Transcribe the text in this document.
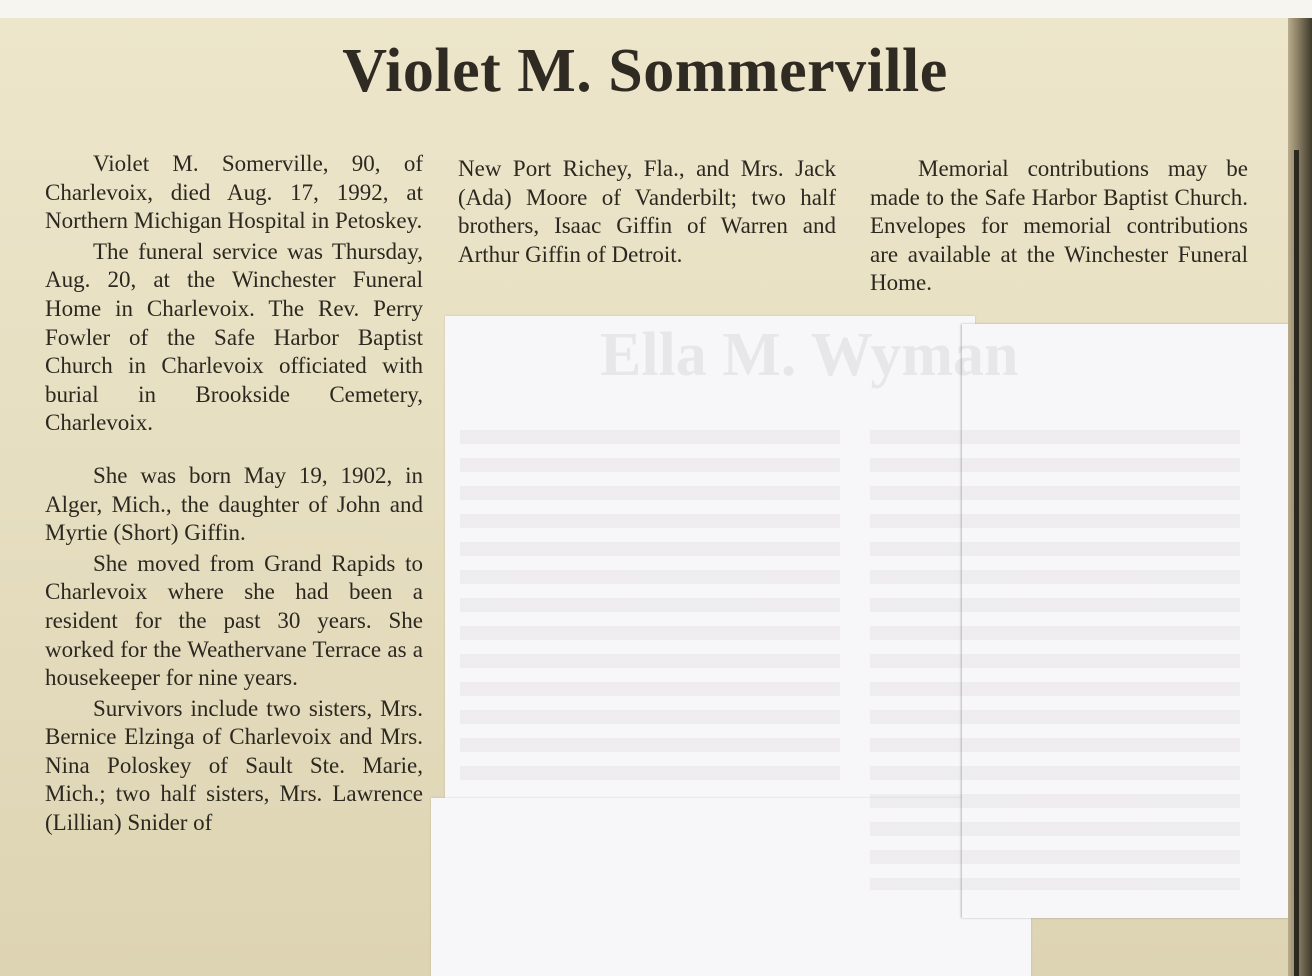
Violet M. Sommerville

Violet M. Somerville, 90, of Charlevoix, died Aug. 17, 1992, at Northern Michigan Hospital in Petoskey.

The funeral service was Thursday, Aug. 20, at the Winchester Funeral Home in Charlevoix. The Rev. Perry Fowler of the Safe Harbor Baptist Church in Charlevoix officiated with burial in Brookside Cemetery, Charlevoix.

She was born May 19, 1902, in Alger, Mich., the daughter of John and Myrtie (Short) Giffin.

She moved from Grand Rapids to Charlevoix where she had been a resident for the past 30 years. She worked for the Weathervane Terrace as a housekeeper for nine years.

Survivors include two sisters, Mrs. Bernice Elzinga of Charlevoix and Mrs. Nina Poloskey of Sault Ste. Marie, Mich.; two half sisters, Mrs. Lawrence (Lillian) Snider of

New Port Richey, Fla., and Mrs. Jack (Ada) Moore of Vanderbilt; two half brothers, Isaac Giffin of Warren and Arthur Giffin of Detroit.

Memorial contributions may be made to the Safe Harbor Baptist Church. Envelopes for memorial contributions are available at the Winchester Funeral Home.

Ella M. Wyman
